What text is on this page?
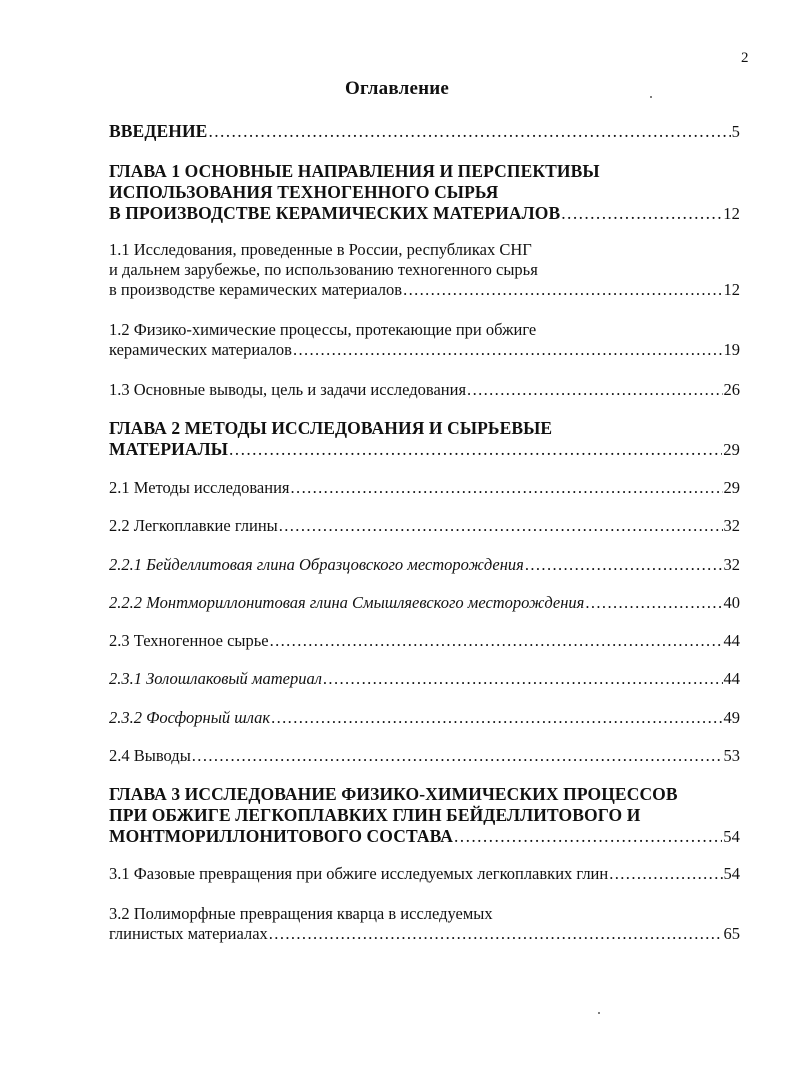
2
Оглавление
ВВЕДЕНИЕ .....	5
ГЛАВА 1 ОСНОВНЫЕ НАПРАВЛЕНИЯ И ПЕРСПЕКТИВЫ
ИСПОЛЬЗОВАНИЯ ТЕХНОГЕННОГО СЫРЬЯ
В ПРОИЗВОДСТВЕ КЕРАМИЧЕСКИХ МАТЕРИАЛОВ .....	12
1.1 Исследования, проведенные в России, республиках СНГ
и дальнем зарубежье, по использованию техногенного сырья
в производстве керамических материалов .....	12
1.2 Физико-химические процессы, протекающие при обжиге
керамических материалов .....	19
1.3 Основные выводы, цель и задачи исследования .....	26
ГЛАВА 2 МЕТОДЫ ИССЛЕДОВАНИЯ И СЫРЬЕВЫЕ
МАТЕРИАЛЫ .....	29
2.1 Методы исследования .....	29
2.2 Легкоплавкие глины .....	32
2.2.1 Бейделлитовая глина Образцовского месторождения .....	32
2.2.2 Монтмориллонитовая глина Смышляевского месторождения .....	40
2.3 Техногенное сырье .....	44
2.3.1 Золошлаковый материал .....	44
2.3.2 Фосфорный шлак .....	49
2.4 Выводы .....	53
ГЛАВА 3 ИССЛЕДОВАНИЕ ФИЗИКО-ХИМИЧЕСКИХ ПРОЦЕССОВ
ПРИ ОБЖИГЕ ЛЕГКОПЛАВКИХ ГЛИН БЕЙДЕЛЛИТОВОГО И
МОНТМОРИЛЛОНИТОВОГО СОСТАВА .....	54
3.1 Фазовые превращения при обжиге исследуемых легкоплавких глин .....	54
3.2 Полиморфные превращения кварца в исследуемых
глинистых материалах .....	65
